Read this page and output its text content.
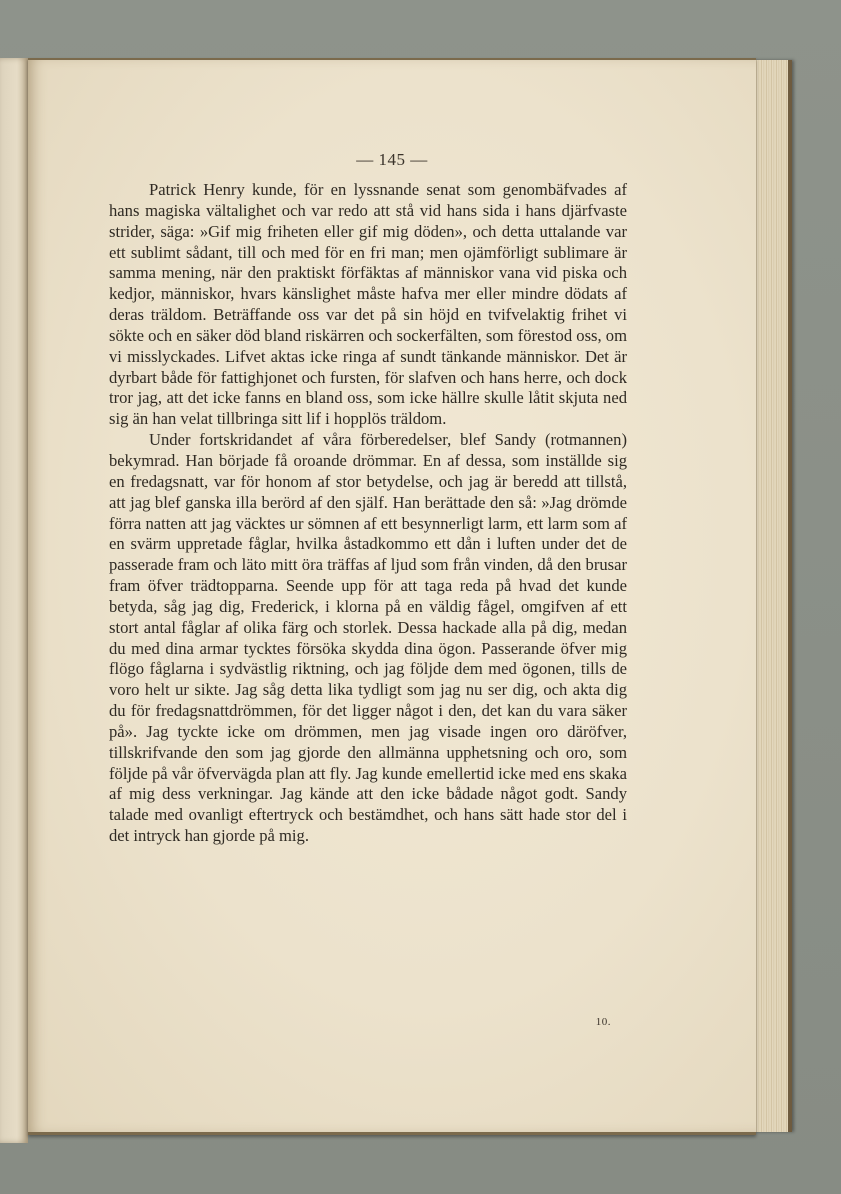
— 145 —

Patrick Henry kunde, för en lyssnande senat som genombäfvades af hans magiska vältalighet och var redo att stå vid hans sida i hans djärfvaste strider, säga: »Gif mig friheten eller gif mig döden», och detta uttalande var ett sublimt sådant, till och med för en fri man; men ojämförligt sublimare är samma mening, när den praktiskt förfäktas af människor vana vid piska och kedjor, människor, hvars känslighet måste hafva mer eller mindre dödats af deras träldom. Beträffande oss var det på sin höjd en tvifvelaktig frihet vi sökte och en säker död bland riskärren och sockerfälten, som förestod oss, om vi misslyckades. Lifvet aktas icke ringa af sundt tänkande människor. Det är dyrbart både för fattighjonet och fursten, för slafven och hans herre, och dock tror jag, att det icke fanns en bland oss, som icke hällre skulle låtit skjuta ned sig än han velat tillbringa sitt lif i hopplös träldom.

Under fortskridandet af våra förberedelser, blef Sandy (rotmannen) bekymrad. Han började få oroande drömmar. En af dessa, som inställde sig en fredagsnatt, var för honom af stor betydelse, och jag är beredd att tillstå, att jag blef ganska illa berörd af den själf. Han berättade den så: »Jag drömde förra natten att jag väcktes ur sömnen af ett besynnerligt larm, ett larm som af en svärm uppretade fåglar, hvilka åstadkommo ett dån i luften under det de passerade fram och läto mitt öra träffas af ljud som från vinden, då den brusar fram öfver trädtopparna. Seende upp för att taga reda på hvad det kunde betyda, såg jag dig, Frederick, i klorna på en väldig fågel, omgifven af ett stort antal fåglar af olika färg och storlek. Dessa hackade alla på dig, medan du med dina armar tycktes försöka skydda dina ögon. Passerande öfver mig flögo fåglarna i sydvästlig riktning, och jag följde dem med ögonen, tills de voro helt ur sikte. Jag såg detta lika tydligt som jag nu ser dig, och akta dig du för fredagsnattdrömmen, för det ligger något i den, det kan du vara säker på». Jag tyckte icke om drömmen, men jag visade ingen oro däröfver, tillskrifvande den som jag gjorde den allmänna upphetsning och oro, som följde på vår öfvervägda plan att fly. Jag kunde emellertid icke med ens skaka af mig dess verkningar. Jag kände att den icke bådade något godt. Sandy talade med ovanligt eftertryck och bestämdhet, och hans sätt hade stor del i det intryck han gjorde på mig.

10.
